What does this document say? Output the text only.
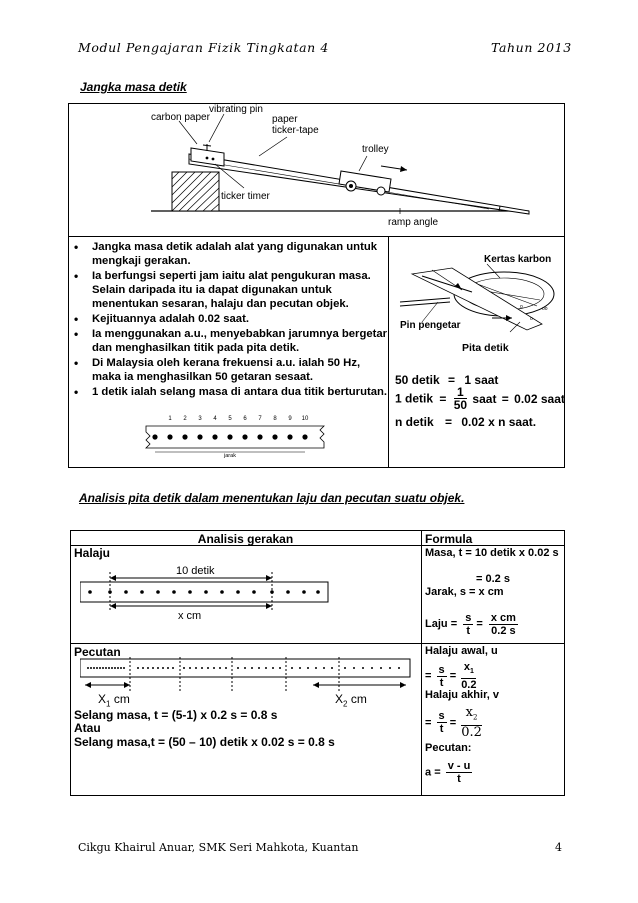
Modul Pengajaran Fizik Tingkatan 4	Tahun 2013
Jangka masa detik
vibrating pin
carbon paper	paper
ticker-tape
trolley
ticker timer
ramp angle
• Jangka masa detik adalah alat yang digunakan untuk mengkaji gerakan.
• Ia berfungsi seperti jam iaitu alat pengukuran masa. Selain daripada itu ia dapat digunakan untuk menentukan sesaran, halaju dan pecutan objek.
• Kejituannya adalah 0.02 saat.
• Ia menggunakan a.u., menyebabkan jarumnya bergetar dan menghasilkan titik pada pita detik.
• Di Malaysia oleh kerana frekuensi a.u. ialah 50 Hz, maka ia menghasilkan 50 getaran sesaat.
• 1 detik ialah selang masa di antara dua titik berturutan.
1 2 3 4 5 6 7 8 9 10
jarak
o
o	oo
Kertas karbon
Pin pengetar
Pita detik
50 detik = 1 saat
1 detik = $\frac{1}{50}$ saat = 0.02 saat
n detik = 0.02 x n saat.
Analisis pita detik dalam menentukan laju dan pecutan suatu objek.
Analisis gerakan	Formula
Halaju
10 detik
x cm
Masa, t = 10 detik x 0.02 s
= 0.2 s
Jarak, s = x cm
Laju = $\frac{s}{t} = \frac{\text{x cm}}{0.2 s}$
Pecutan
$X_1$ cm	$X_2$ cm
Selang masa, t = (5-1) x 0.2 s = 0.8 s
Atau
Selang masa,t = (50 – 10) detik x 0.02 s = 0.8 s
Halaju awal, u
= $\frac{s}{t} = \frac{x_1}{0.2}$
Halaju akhir, v
= $\frac{s}{t} = \frac{x_2}{0.2}$
Pecutan:
$a = \frac{v - u}{t}$
Cikgu Khairul Anuar, SMK Seri Mahkota, Kuantan	4
